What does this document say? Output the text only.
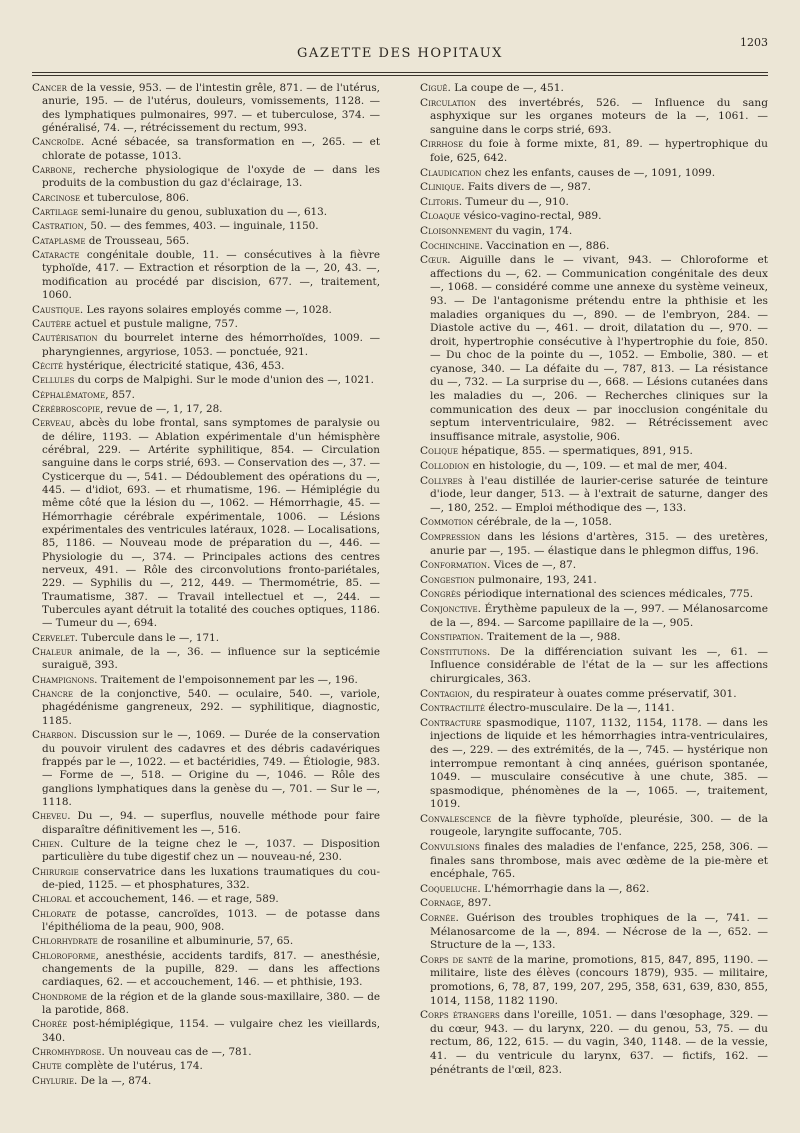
GAZETTE DES HOPITAUX
1203

Cancer de la vessie, 953. — de l'intestin grêle, 871. — de l'utérus, anurie, 195. — de l'utérus, douleurs, vomissements, 1128. — des lymphatiques pulmonaires, 997. — et tuberculose, 374. — généralisé, 74. —, rétrécissement du rectum, 993.

Cancroïde. Acné sébacée, sa transformation en —, 265. — et chlorate de potasse, 1013.

Carbone, recherche physiologique de l'oxyde de — dans les produits de la combustion du gaz d'éclairage, 13.

Carcinose et tuberculose, 806.

Cartilage semi-lunaire du genou, subluxation du —, 613.

Castration, 50. — des femmes, 403. — inguinale, 1150.

Cataplasme de Trousseau, 565.

Cataracte congénitale double, 11. — consécutives à la fièvre typhoïde, 417. — Extraction et résorption de la —, 20, 43. —, modification au procédé par discision, 677. —, traitement, 1060.

Caustique. Les rayons solaires employés comme —, 1028.

Cautère actuel et pustule maligne, 757.

Cautérisation du bourrelet interne des hémorrhoïdes, 1009. — pharyngiennes, argyriose, 1053. — ponctuée, 921.

Cécité hystérique, électricité statique, 436, 453.

Cellules du corps de Malpighi. Sur le mode d'union des —, 1021.

Céphalématome, 857.

Cérébroscopie, revue de —, 1, 17, 28.

Cerveau, abcès du lobe frontal, sans symptomes de paralysie ou de délire, 1193. — Ablation expérimentale d'un hémisphère cérébral, 229. — Artérite syphilitique, 854. — Circulation sanguine dans le corps strié, 693. — Conservation des —, 37. — Cysticerque du —, 541. — Dédoublement des opérations du —, 445. — d'idiot, 693. — et rhumatisme, 196. — Hémiplégie du même côté que la lésion du —, 1062. — Hémorrhagie, 45. — Hémorrhagie cérébrale expérimentale, 1006. — Lésions expérimentales des ventricules latéraux, 1028. — Localisations, 85, 1186. — Nouveau mode de préparation du —, 446. — Physiologie du —, 374. — Principales actions des centres nerveux, 491. — Rôle des circonvolutions fronto-pariétales, 229. — Syphilis du —, 212, 449. — Thermométrie, 85. — Traumatisme, 387. — Travail intellectuel et —, 244. — Tubercules ayant détruit la totalité des couches optiques, 1186. — Tumeur du —, 694.

Cervelet. Tubercule dans le —, 171.

Chaleur animale, de la —, 36. — influence sur la septicémie suraiguë, 393.

Champignons. Traitement de l'empoisonnement par les —, 196.

Chancre de la conjonctive, 540. — oculaire, 540. —, variole, phagédénisme gangreneux, 292. — syphilitique, diagnostic, 1185.

Charbon. Discussion sur le —, 1069. — Durée de la conservation du pouvoir virulent des cadavres et des débris cadavériques frappés par le —, 1022. — et bactéridies, 749. — Étiologie, 983. — Forme de —, 518. — Origine du —, 1046. — Rôle des ganglions lymphatiques dans la genèse du —, 701. — Sur le —, 1118.

Cheveu. Du —, 94. — superflus, nouvelle méthode pour faire disparaître définitivement les —, 516.

Chien. Culture de la teigne chez le —, 1037. — Disposition particulière du tube digestif chez un — nouveau-né, 230.

Chirurgie conservatrice dans les luxations traumatiques du cou-de-pied, 1125. — et phosphatures, 332.

Chloral et accouchement, 146. — et rage, 589.

Chlorate de potasse, cancroïdes, 1013. — de potasse dans l'épithélioma de la peau, 900, 908.

Chlorhydrate de rosaniline et albuminurie, 57, 65.

Chloroforme, anesthésie, accidents tardifs, 817. — anesthésie, changements de la pupille, 829. — dans les affections cardiaques, 62. — et accouchement, 146. — et phthisie, 193.

Chondrome de la région et de la glande sous-maxillaire, 380. — de la parotide, 868.

Chorée post-hémiplégique, 1154. — vulgaire chez les vieillards, 340.

Chromhydrose. Un nouveau cas de —, 781.

Chute complète de l'utérus, 174.

Chylurie. De la —, 874.

Ciguë. La coupe de —, 451.

Circulation des invertébrés, 526. — Influence du sang asphyxique sur les organes moteurs de la —, 1061. — sanguine dans le corps strié, 693.

Cirrhose du foie à forme mixte, 81, 89. — hypertrophique du foie, 625, 642.

Claudication chez les enfants, causes de —, 1091, 1099.

Clinique. Faits divers de —, 987.

Clitoris. Tumeur du —, 910.

Cloaque vésico-vagino-rectal, 989.

Cloisonnement du vagin, 174.

Cochinchine. Vaccination en —, 886.

Cœur. Aiguille dans le — vivant, 943. — Chloroforme et affections du —, 62. — Communication congénitale des deux —, 1068. — considéré comme une annexe du système veineux, 93. — De l'antagonisme prétendu entre la phthisie et les maladies organiques du —, 890. — de l'embryon, 284. — Diastole active du —, 461. — droit, dilatation du —, 970. — droit, hypertrophie consécutive à l'hypertrophie du foie, 850. — Du choc de la pointe du —, 1052. — Embolie, 380. — et cyanose, 340. — La défaite du —, 787, 813. — La résistance du —, 732. — La surprise du —, 668. — Lésions cutanées dans les maladies du —, 206. — Recherches cliniques sur la communication des deux — par inocclusion congénitale du septum interventriculaire, 982. — Rétrécissement avec insuffisance mitrale, asystolie, 906.

Colique hépatique, 855. — spermatiques, 891, 915.

Collodion en histologie, du —, 109. — et mal de mer, 404.

Collyres à l'eau distillée de laurier-cerise saturée de teinture d'iode, leur danger, 513. — à l'extrait de saturne, danger des —, 180, 252. — Emploi méthodique des —, 133.

Commotion cérébrale, de la —, 1058.

Compression dans les lésions d'artères, 315. — des uretères, anurie par —, 195. — élastique dans le phlegmon diffus, 196.

Conformation. Vices de —, 87.

Congestion pulmonaire, 193, 241.

Congrès périodique international des sciences médicales, 775.

Conjonctive. Érythème papuleux de la —, 997. — Mélanosarcome de la —, 894. — Sarcome papillaire de la —, 905.

Constipation. Traitement de la —, 988.

Constitutions. De la différenciation suivant les —, 61. — Influence considérable de l'état de la — sur les affections chirurgicales, 363.

Contagion, du respirateur à ouates comme préservatif, 301.

Contractilité électro-musculaire. De la —, 1141.

Contracture spasmodique, 1107, 1132, 1154, 1178. — dans les injections de liquide et les hémorrhagies intra-ventriculaires, des —, 229. — des extrémités, de la —, 745. — hystérique non interrompue remontant à cinq années, guérison spontanée, 1049. — musculaire consécutive à une chute, 385. — spasmodique, phénomènes de la —, 1065. —, traitement, 1019.

Convalescence de la fièvre typhoïde, pleurésie, 300. — de la rougeole, laryngite suffocante, 705.

Convulsions finales des maladies de l'enfance, 225, 258, 306. — finales sans thrombose, mais avec œdème de la pie-mère et encéphale, 765.

Coqueluche. L'hémorrhagie dans la —, 862.

Cornage, 897.

Cornée. Guérison des troubles trophiques de la —, 741. — Mélanosarcome de la —, 894. — Nécrose de la —, 652. — Structure de la —, 133.

Corps de santé de la marine, promotions, 815, 847, 895, 1190. — militaire, liste des élèves (concours 1879), 935. — militaire, promotions, 6, 78, 87, 199, 207, 295, 358, 631, 639, 830, 855, 1014, 1158, 1182 1190.

Corps étrangers dans l'oreille, 1051. — dans l'œsophage, 329. — du cœur, 943. — du larynx, 220. — du genou, 53, 75. — du rectum, 86, 122, 615. — du vagin, 340, 1148. — de la vessie, 41. — du ventricule du larynx, 637. — fictifs, 162. — pénétrants de l'œil, 823.
